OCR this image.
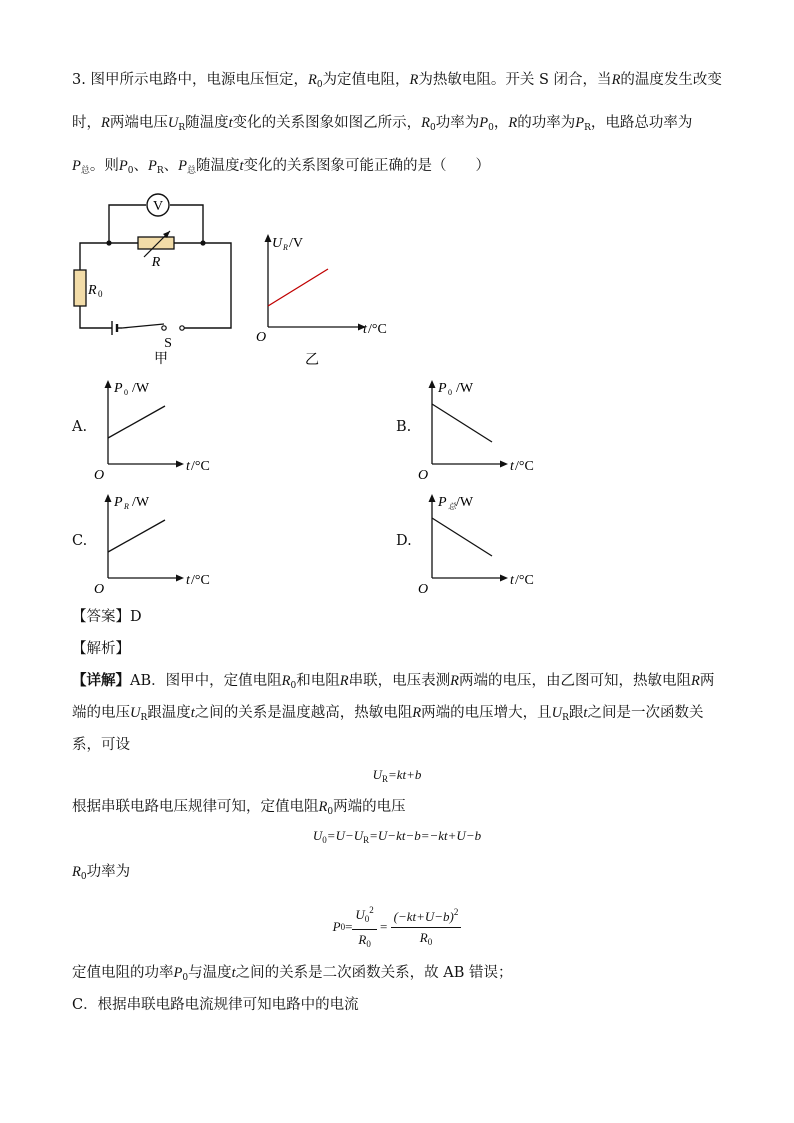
3. 图甲所示电路中，电源电压恒定，$R_0$为定值电阻，R为热敏电阻。开关 S 闭合，当R的温度发生改变
时，R两端电压$U_R$随温度t变化的关系图象如图乙所示，$R_0$功率为$P_0$，R的功率为$P_R$，电路总功率为
$P_总$。则$P_0$、$P_R$、$P_总$随温度t变化的关系图象可能正确的是（　　）
V
R
R 0
S
甲
U R /V
O
t /°C
乙
A.	B.
C.	D.
P 0 /W
O
t /°C
P 0 /W
O
t /°C
P R /W
O
t /°C
P 总 /W
O
t /°C
【答案】D
【解析】
【详解】AB．图甲中，定值电阻$R_0$和电阻R串联，电压表测R两端的电压，由乙图可知，热敏电阻R两
端的电压$U_R$跟温度t之间的关系是温度越高，热敏电阻R两端的电压增大，且$U_R$跟t之间是一次函数关
系，可设
$U_R=kt+b$
根据串联电路电压规律可知，定值电阻$R_0$两端的电压
$U_0=U-U_R=U-kt-b=-kt+U-b$
$R_0$功率为
$P0= \frac{U_0^2}{R_0} = \frac{(-kt+U-b)^2}{R_0}$
定值电阻的功率$P_0$与温度t之间的关系是二次函数关系，故 AB 错误；
C．根据串联电路电流规律可知电路中的电流
